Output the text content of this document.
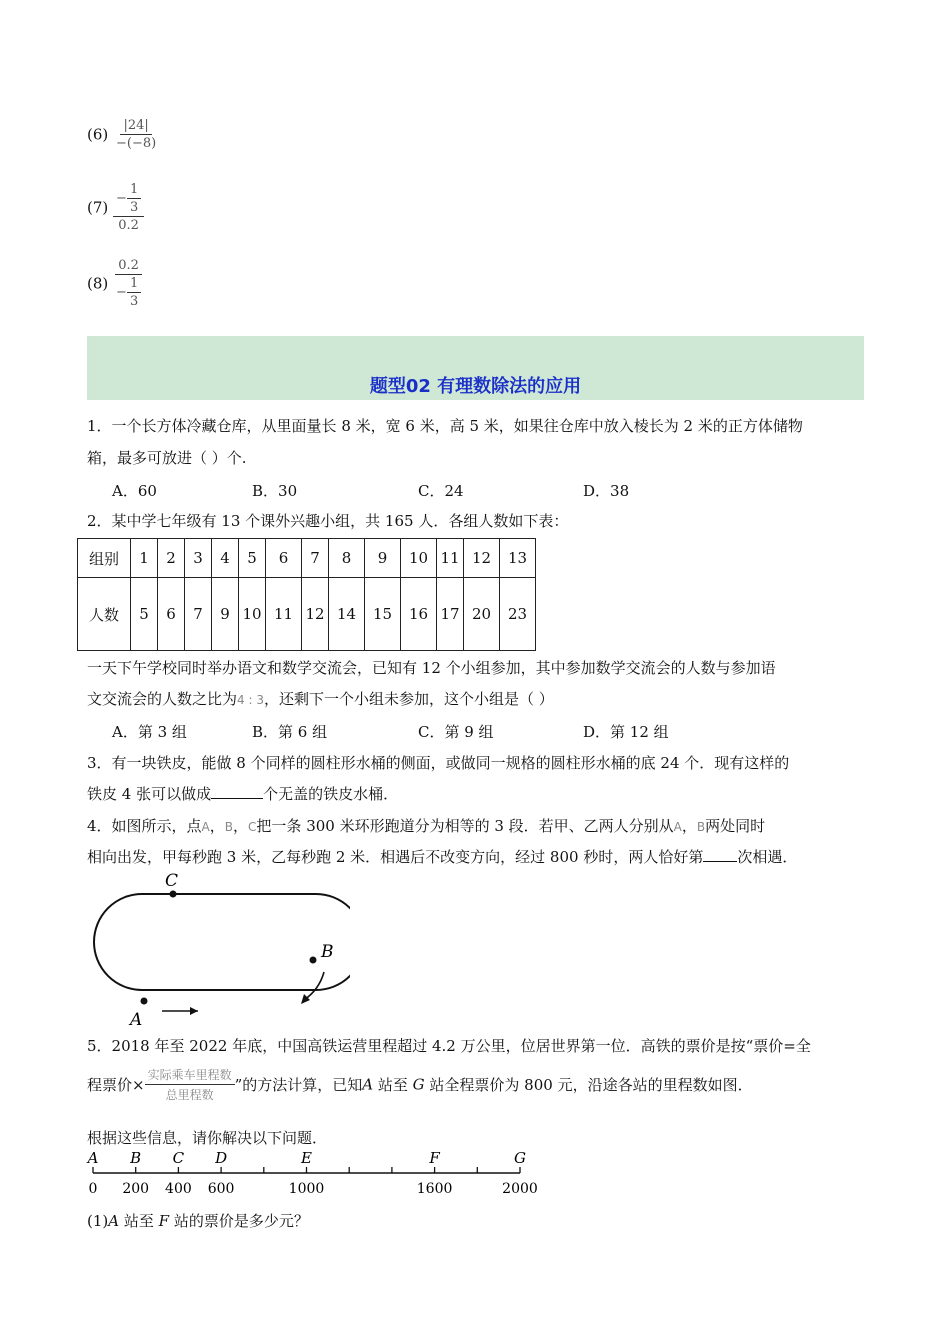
$(6) \frac{|24|}{-(-8)}$
$(7) \frac{- \frac{1}{3}}{0.2}$
$(8) \frac{0.2}{- \frac{1}{3}}$
题型02 有理数除法的应用
1．一个长方体冷藏仓库，从里面量长 8 米，宽 6 米，高 5 米，如果往仓库中放入棱长为 2 米的正方体储物
箱，最多可放进（ ）个.
A．60	B．30	C．24	D．38
2．某中学七年级有 13 个课外兴趣小组，共 165 人．各组人数如下表：
组别	1	2	3	4	5	6	7	8	9	10	11	12	13
人数	5	6	7	9	10	11	12	14	15	16	17	20	23
一天下午学校同时举办语文和数学交流会，已知有 12 个小组参加，其中参加数学交流会的人数与参加语
文交流会的人数之比为4 : 3，还剩下一个小组未参加，这个小组是（ ）
A．第 3 组	B．第 6 组	C．第 9 组	D．第 12 组
3．有一块铁皮，能做 8 个同样的圆柱形水桶的侧面，或做同一规格的圆柱形水桶的底 24 个．现有这样的
铁皮 4 张可以做成	个无盖的铁皮水桶．
4．如图所示，点A，B，C把一条 300 米环形跑道分为相等的 3 段．若甲、乙两人分别从A，B两处同时
相向出发，甲每秒跑 3 米，乙每秒跑 2 米．相遇后不改变方向，经过 800 秒时，两人恰好第 次相遇．
C
B
A
5．2018 年至 2022 年底，中国高铁运营里程超过 4.2 万公里，位居世界第一位．高铁的票价是按“票价=全
程票价× $\frac{\text{实际乘车里程数}}{\text{总里程数}}$ ”的方法计算，已知A 站至 G 站全程票价为 800 元，沿途各站的里程数如图．
根据这些信息，请你解决以下问题．
A
0
B
200
C
400
D
600
E
1000
F
1600
G
2000
(1)A 站至 F 站的票价是多少元？
